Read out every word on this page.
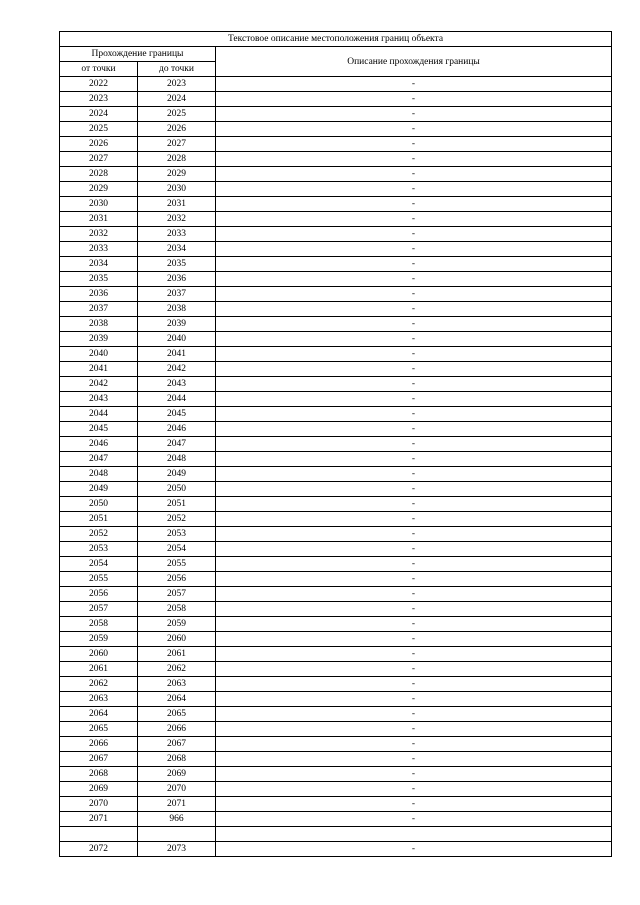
Текстовое описание местоположения границ объекта		
Прохождение границы		Описание прохождения границы
от точки	до точки	
2022	2023	-
2023	2024	-
2024	2025	-
2025	2026	-
2026	2027	-
2027	2028	-
2028	2029	-
2029	2030	-
2030	2031	-
2031	2032	-
2032	2033	-
2033	2034	-
2034	2035	-
2035	2036	-
2036	2037	-
2037	2038	-
2038	2039	-
2039	2040	-
2040	2041	-
2041	2042	-
2042	2043	-
2043	2044	-
2044	2045	-
2045	2046	-
2046	2047	-
2047	2048	-
2048	2049	-
2049	2050	-
2050	2051	-
2051	2052	-
2052	2053	-
2053	2054	-
2054	2055	-
2055	2056	-
2056	2057	-
2057	2058	-
2058	2059	-
2059	2060	-
2060	2061	-
2061	2062	-
2062	2063	-
2063	2064	-
2064	2065	-
2065	2066	-
2066	2067	-
2067	2068	-
2068	2069	-
2069	2070	-
2070	2071	-
2071	966	-

2072	2073	-
